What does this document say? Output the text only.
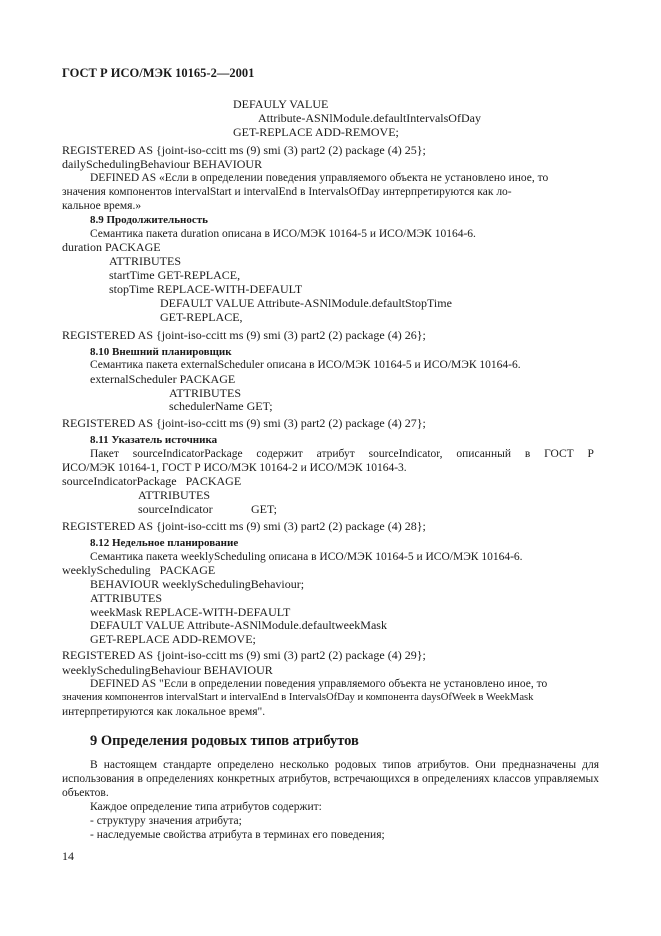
ГОСТ Р ИСО/МЭК 10165-2—2001
DEFAULY VALUE
Attribute-ASNlModule.defaultIntervalsOfDay
GET-REPLACE ADD-REMOVE;
REGISTERED AS {joint-iso-ccitt ms (9) smi (3) part2 (2) package (4) 25};
dailySchedulingBehaviour BEHAVIOUR
DEFINED AS «Если в определении поведения управляемого объекта не установлено иное, то
значения компонентов intervalStart и intervalEnd в IntervalsOfDay интерпретируются как ло-
кальное время.»
8.9 Продолжительность
Семантика пакета duration описана в ИСО/МЭК 10164-5 и ИСО/МЭК 10164-6.
duration PACKAGE
ATTRIBUTES
startTime GET-REPLACE,
stopTime REPLACE-WITH-DEFAULT
DEFAULT VALUE Attribute-ASNlModule.defaultStopTime
GET-REPLACE,
REGISTERED AS {joint-iso-ccitt ms (9) smi (3) part2 (2) package (4) 26};
8.10 Внешний планировщик
Семантика пакета externalScheduler описана в ИСО/МЭК 10164-5 и ИСО/МЭК 10164-6.
externalScheduler PACKAGE
ATTRIBUTES
schedulerName GET;
REGISTERED AS {joint-iso-ccitt ms (9) smi (3) part2 (2) package (4) 27};
8.11 Указатель источника
Пакет sourceIndicatorPackage содержит атрибут sourceIndicator, описанный в ГОСТ Р
ИСО/МЭК 10164-1, ГОСТ Р ИСО/МЭК 10164-2 и ИСО/МЭК 10164-3.
sourceIndicatorPackage PACKAGE
ATTRIBUTES
sourceIndicator	GET;
REGISTERED AS {joint-iso-ccitt ms (9) smi (3) part2 (2) package (4) 28};
8.12 Недельное планирование
Семантика пакета weeklyScheduling описана в ИСО/МЭК 10164-5 и ИСО/МЭК 10164-6.
weeklyScheduling PACKAGE
BEHAVIOUR weeklySchedulingBehaviour;
ATTRIBUTES
weekMask REPLACE-WITH-DEFAULT
DEFAULT VALUE Attribute-ASNlModule.defaultweekMask
GET-REPLACE ADD-REMOVE;
REGISTERED AS {joint-iso-ccitt ms (9) smi (3) part2 (2) package (4) 29};
weeklySchedulingBehaviour BEHAVIOUR
DEFINED AS "Если в определении поведения управляемого объекта не установлено иное, то
значения компонентов intervalStart и intervalEnd в IntervalsOfDay и компонента daysOfWeek в WeekMask
интерпретируются как локальное время".
9 Определения родовых типов атрибутов
В настоящем стандарте определено несколько родовых типов атрибутов. Они предназначены для использования в определениях конкретных атрибутов, встречающихся в определениях классов управляемых объектов.
Каждое определение типа атрибутов содержит:
- структуру значения атрибута;
- наследуемые свойства атрибута в терминах его поведения;
14
